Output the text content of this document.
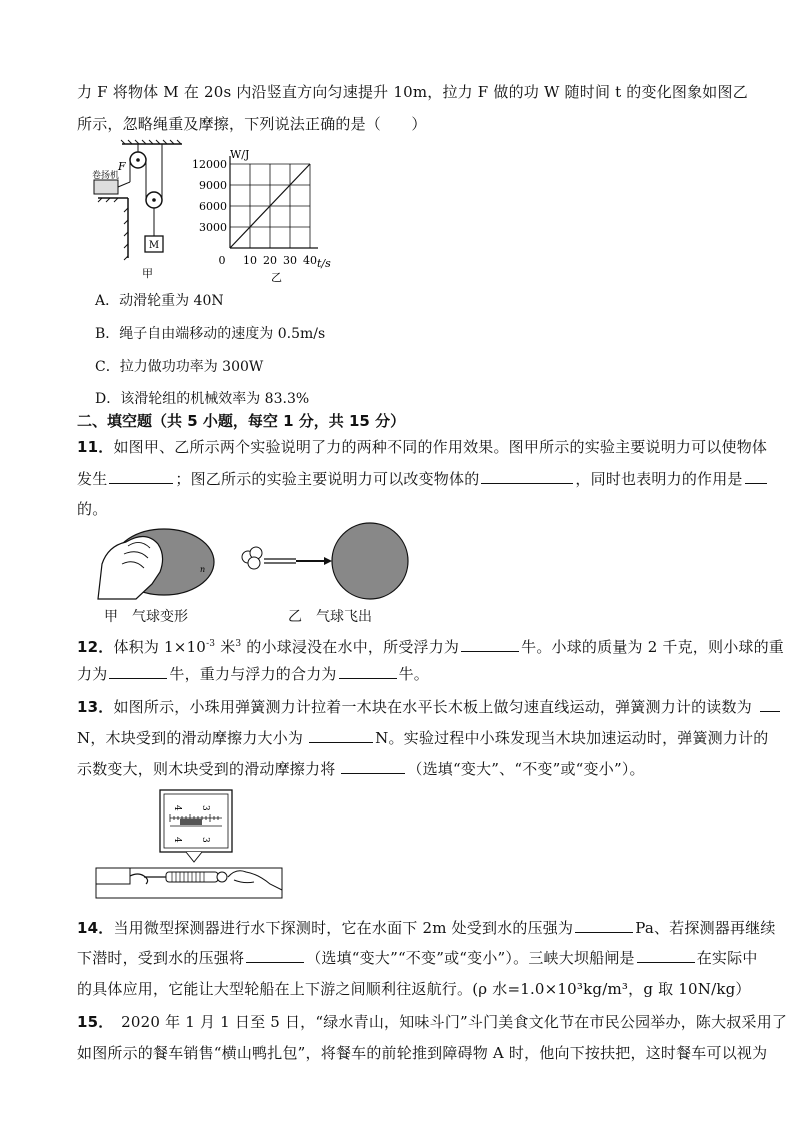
力 F 将物体 M 在 20s 内沿竖直方向匀速提升 10m，拉力 F 做的功 W 随时间 t 的变化图象如图乙
所示，忽略绳重及摩擦，下列说法正确的是（　　）
M
F
卷扬机
甲
0 10 20 30 40
3000
6000
9000
12000
W/J
t/s
乙
A．动滑轮重为 40N
B．绳子自由端移动的速度为 0.5m/s
C．拉力做功功率为 300W
D．该滑轮组的机械效率为 83.3%
二、填空题（共 5 小题，每空 1 分，共 15 分）
11．如图甲、乙所示两个实验说明了力的两种不同的作用效果。图甲所示的实验主要说明力可以使物体
发生	；图乙所示的实验主要说明力可以改变物体的	，同时也表明力的作用是
的。
n
甲　气球变形	乙　气球飞出
12．体积为 $1\times 10^{-3}$ 米$^3$ 的小球浸没在水中，所受浮力为	牛。小球的质量为 2 千克，则小球的重
力为	牛，重力与浮力的合力为	牛。
13．如图所示，小珠用弹簧测力计拉着一木块在水平长木板上做匀速直线运动，弹簧测力计的读数为
N，木块受到的滑动摩擦力大小为	N。实验过程中小珠发现当木块加速运动时，弹簧测力计的
示数变大，则木块受到的滑动摩擦力将	（选填“变大”、“不变”或“变小”）。
4 3
4 3
14．当用微型探测器进行水下探测时，它在水面下 2m 处受到水的压强为	Pa、若探测器再继续
下潜时，受到水的压强将	（选填“变大”“不变”或“变小”）。三峡大坝船闸是	在实际中
的具体应用，它能让大型轮船在上下游之间顺利往返航行。(ρ 水=1.0×10³kg/m³，g 取 10N/kg）
15．　2020 年 1 月 1 日至 5 日，“绿水青山，知味斗门”斗门美食文化节在市民公园举办，陈大叔采用了
如图所示的餐车销售“横山鸭扎包”，将餐车的前轮推到障碍物 A 时，他向下按扶把，这时餐车可以视为
